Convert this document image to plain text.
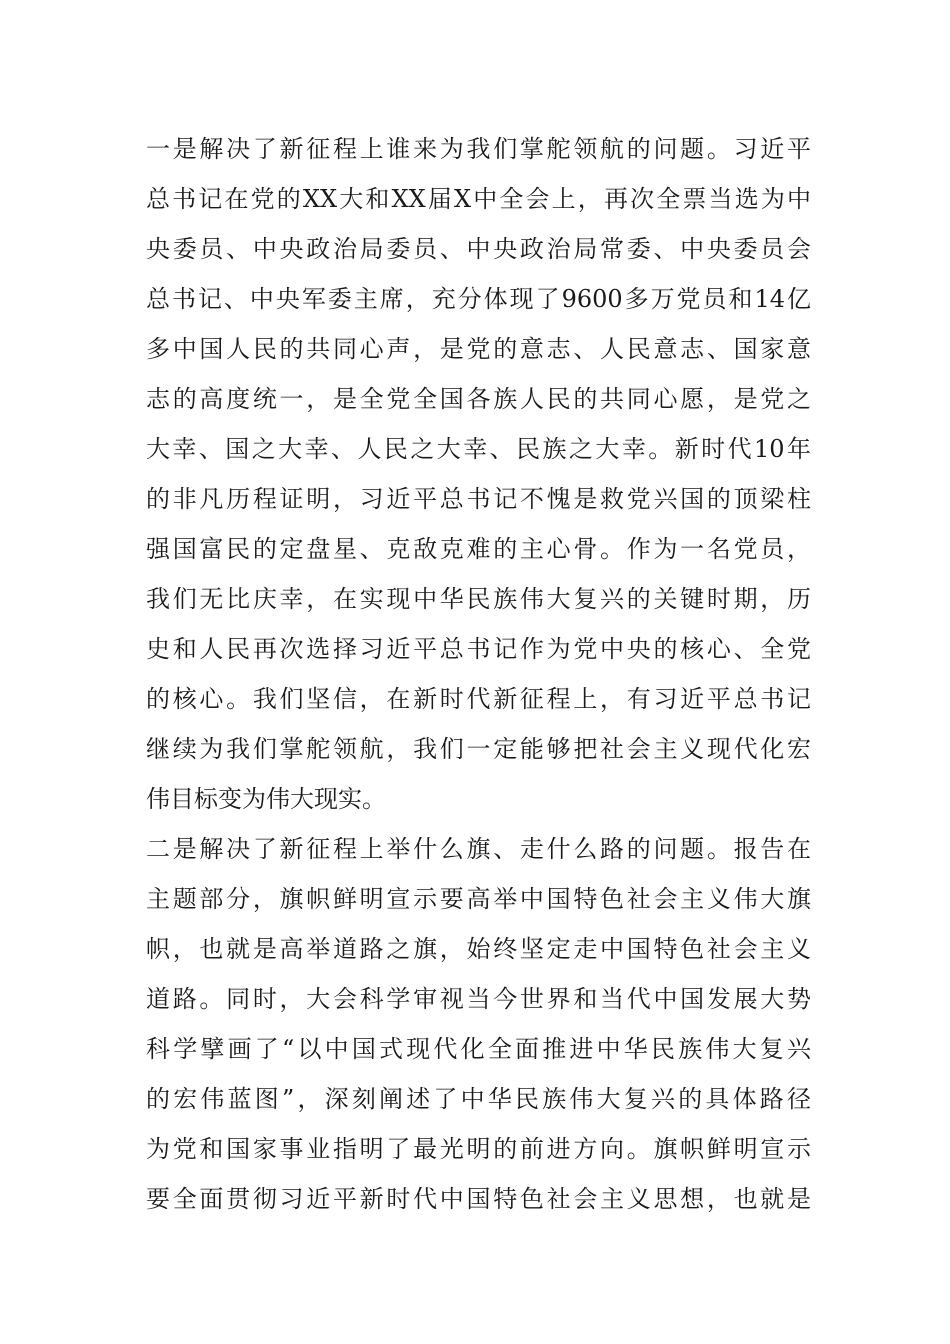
一是解决了新征程上谁来为我们掌舵领航的问题。习近平
总书记在党的XX大和XX届X中全会上，再次全票当选为中
央委员、中央政治局委员、中央政治局常委、中央委员会
总书记、中央军委主席，充分体现了9600多万党员和14亿
多中国人民的共同心声，是党的意志、人民意志、国家意
志的高度统一，是全党全国各族人民的共同心愿，是党之
大幸、国之大幸、人民之大幸、民族之大幸。新时代10年
的非凡历程证明，习近平总书记不愧是救党兴国的顶梁柱
强国富民的定盘星、克敌克难的主心骨。作为一名党员，
我们无比庆幸，在实现中华民族伟大复兴的关键时期，历
史和人民再次选择习近平总书记作为党中央的核心、全党
的核心。我们坚信，在新时代新征程上，有习近平总书记
继续为我们掌舵领航，我们一定能够把社会主义现代化宏
伟目标变为伟大现实。
二是解决了新征程上举什么旗、走什么路的问题。报告在
主题部分，旗帜鲜明宣示要高举中国特色社会主义伟大旗
帜，也就是高举道路之旗，始终坚定走中国特色社会主义
道路。同时，大会科学审视当今世界和当代中国发展大势
科学擘画了“以中国式现代化全面推进中华民族伟大复兴
的宏伟蓝图”，深刻阐述了中华民族伟大复兴的具体路径
为党和国家事业指明了最光明的前进方向。旗帜鲜明宣示
要全面贯彻习近平新时代中国特色社会主义思想，也就是
